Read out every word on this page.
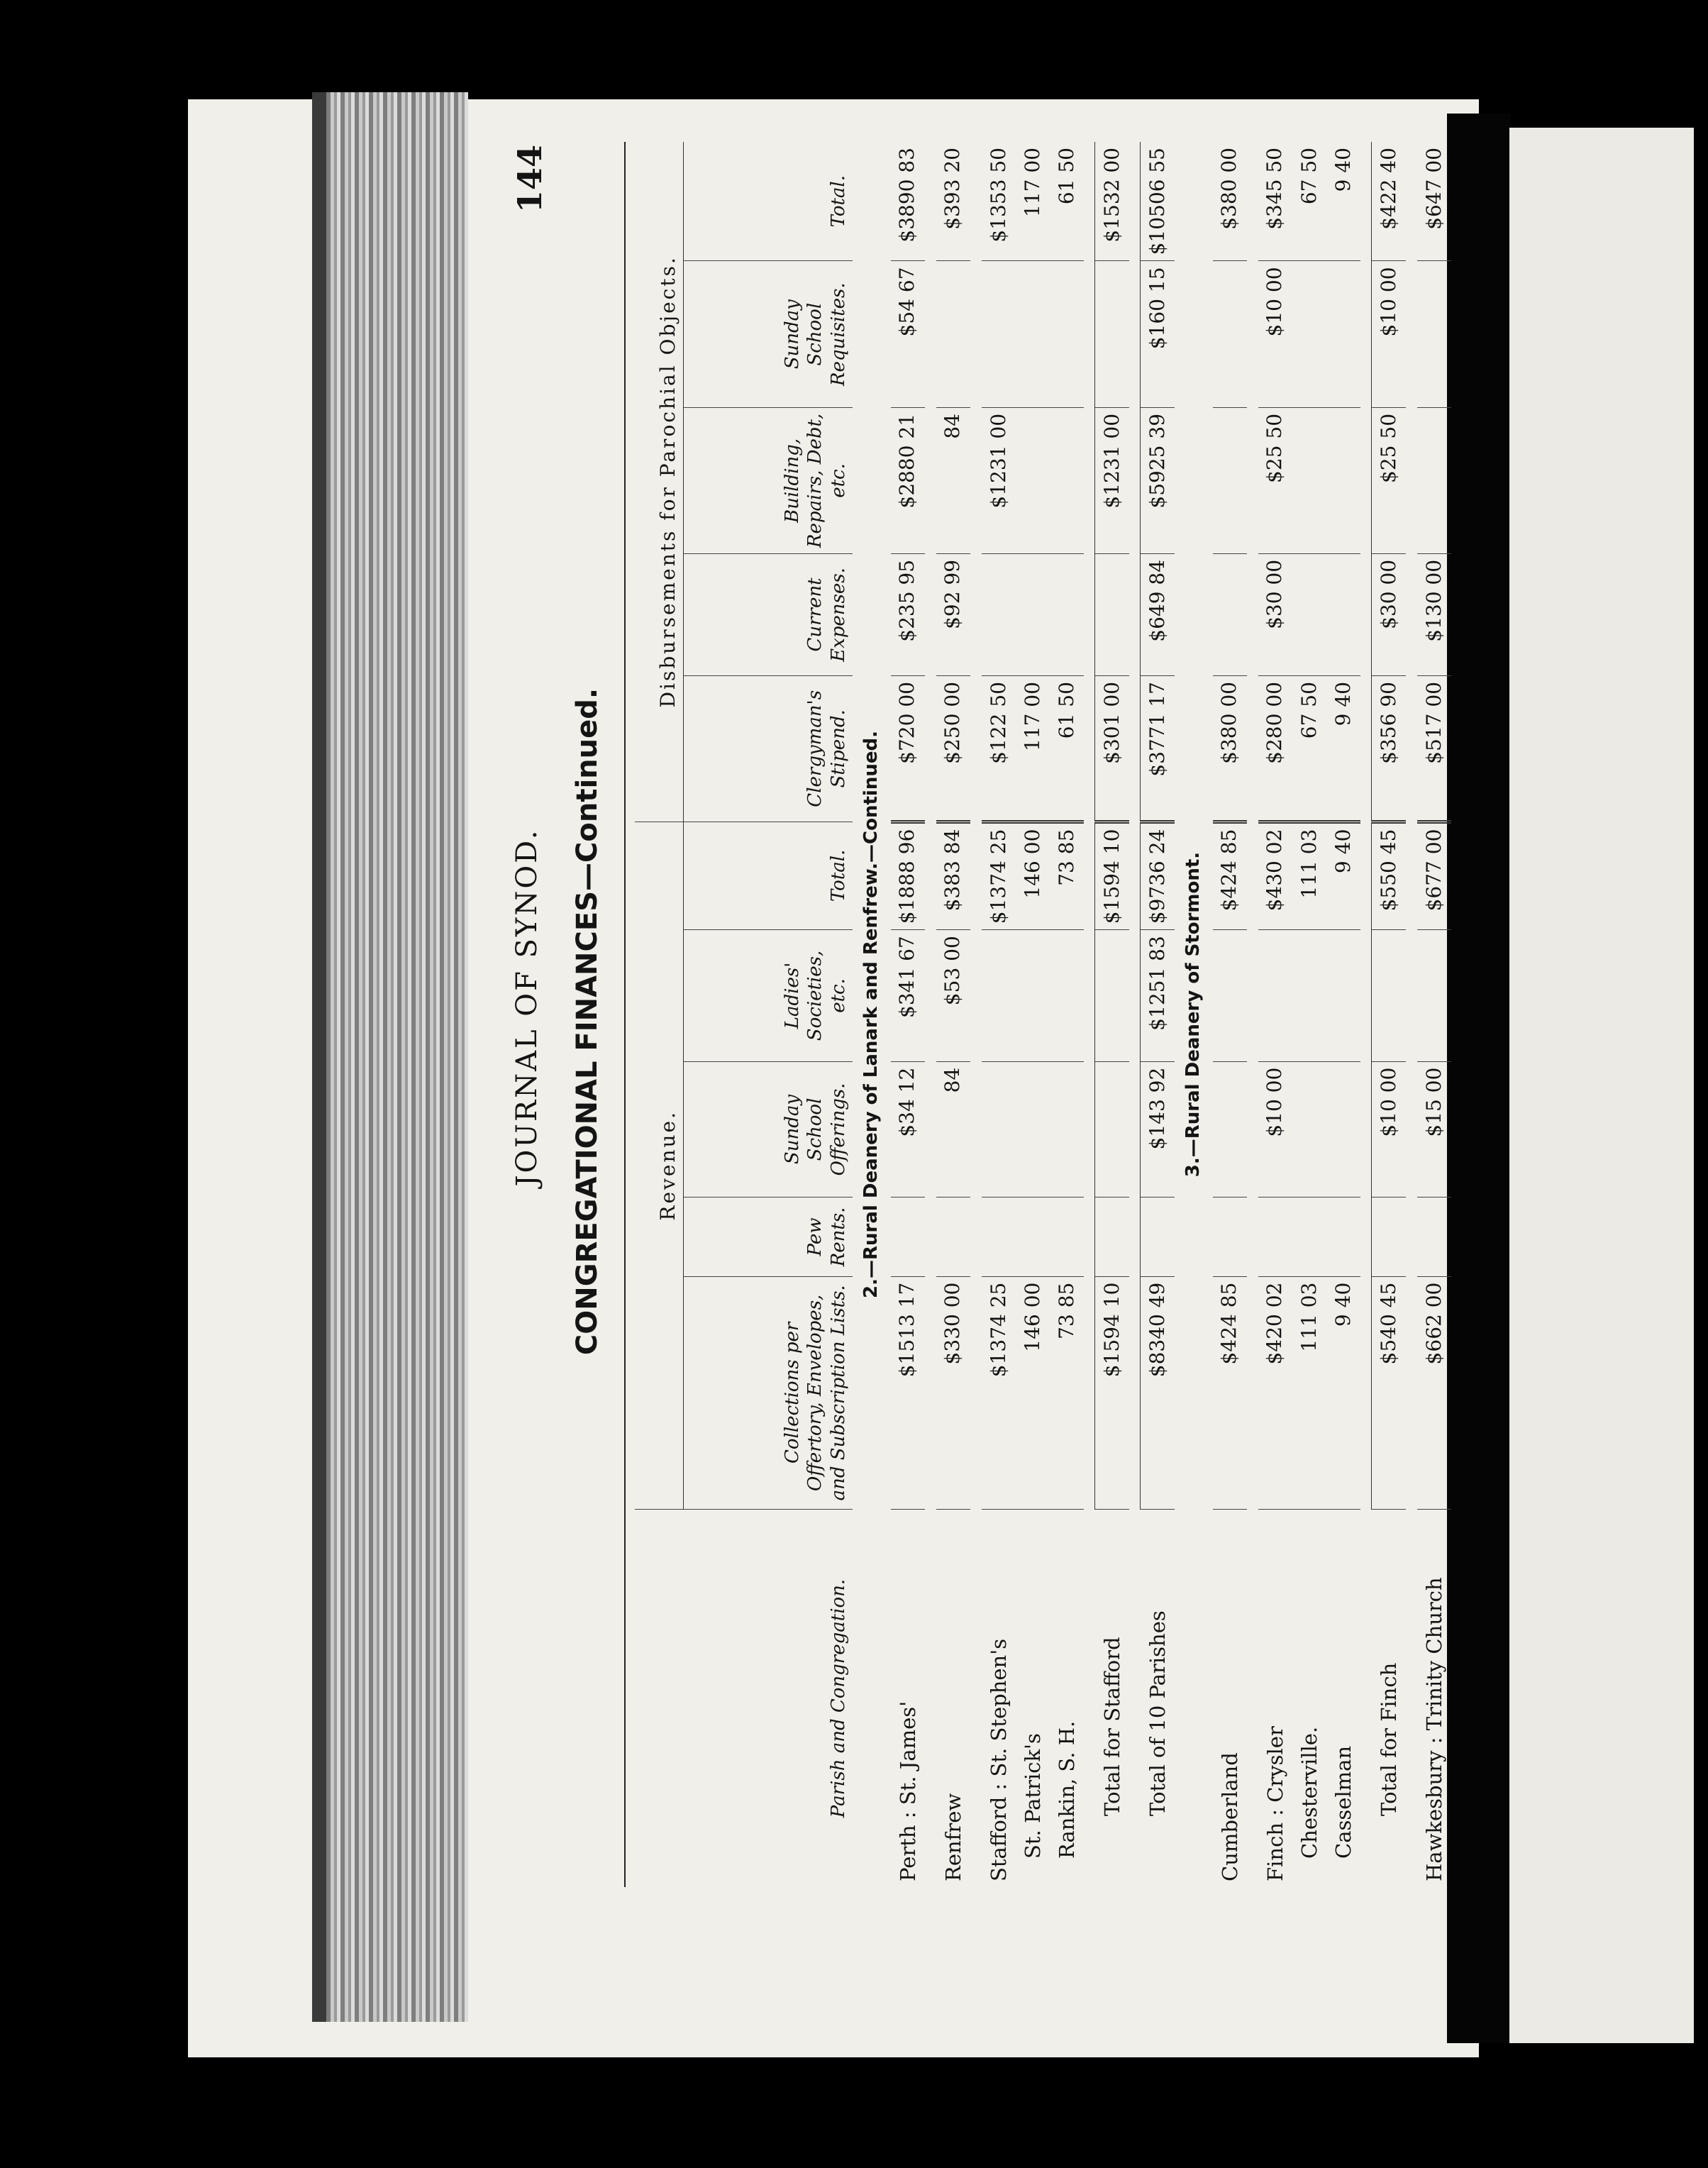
144
JOURNAL OF SYNOD. CONGREGATIONAL FINANCES—Continued.
Parish and Congregation.	Revenue.					Disbursements for Parochial Objects.				
	Collections per Offertory, Envelopes, and Subscription Lists.	Pew Rents.	Sunday School Offerings.	Ladies' Societies, etc.	Total.	Clergyman's Stipend.	Current Expenses.	Building, Repairs, Debt, etc.	Sunday School Requisites.	Total.
2.—Rural Deanery of Lanark and Renfrew.—Continued.										
Perth : St. James'	$1513 17		$34 12	$341 67	$1888 96	$720 00	$235 95	$2880 21	$54 67	$3890 83

Renfrew	$330 00		84	$53 00	$383 84	$250 00	$92 99	84		$393 20

Stafford : St. Stephen's	$1374 25				$1374 25	$122 50		$1231 00		$1353 50
St. Patrick's	146 00				146 00	117 00				117 00
Rankin, S. H.	73 85				73 85	61 50				61 50

Total for Stafford	$1594 10				$1594 10	$301 00		$1231 00		$1532 00

Total of 10 Parishes	$8340 49		$143 92	$1251 83	$9736 24	$3771 17	$649 84	$5925 39	$160 15	$10506 55
3.—Rural Deanery of Stormont.										
Cumberland	$424 85				$424 85	$380 00				$380 00

Finch : Crysler	$420 02		$10 00		$430 02	$280 00	$30 00	$25 50	$10 00	$345 50
Chesterville.	111 03				111 03	67 50				67 50
Casselman	9 40				9 40	9 40				9 40

Total for Finch	$540 45		$10 00		$550 45	$356 90	$30 00	$25 50	$10 00	$422 40

Hawkesbury : Trinity Church	$662 00		$15 00		$677 00	$517 00	$130 00			$647 00
